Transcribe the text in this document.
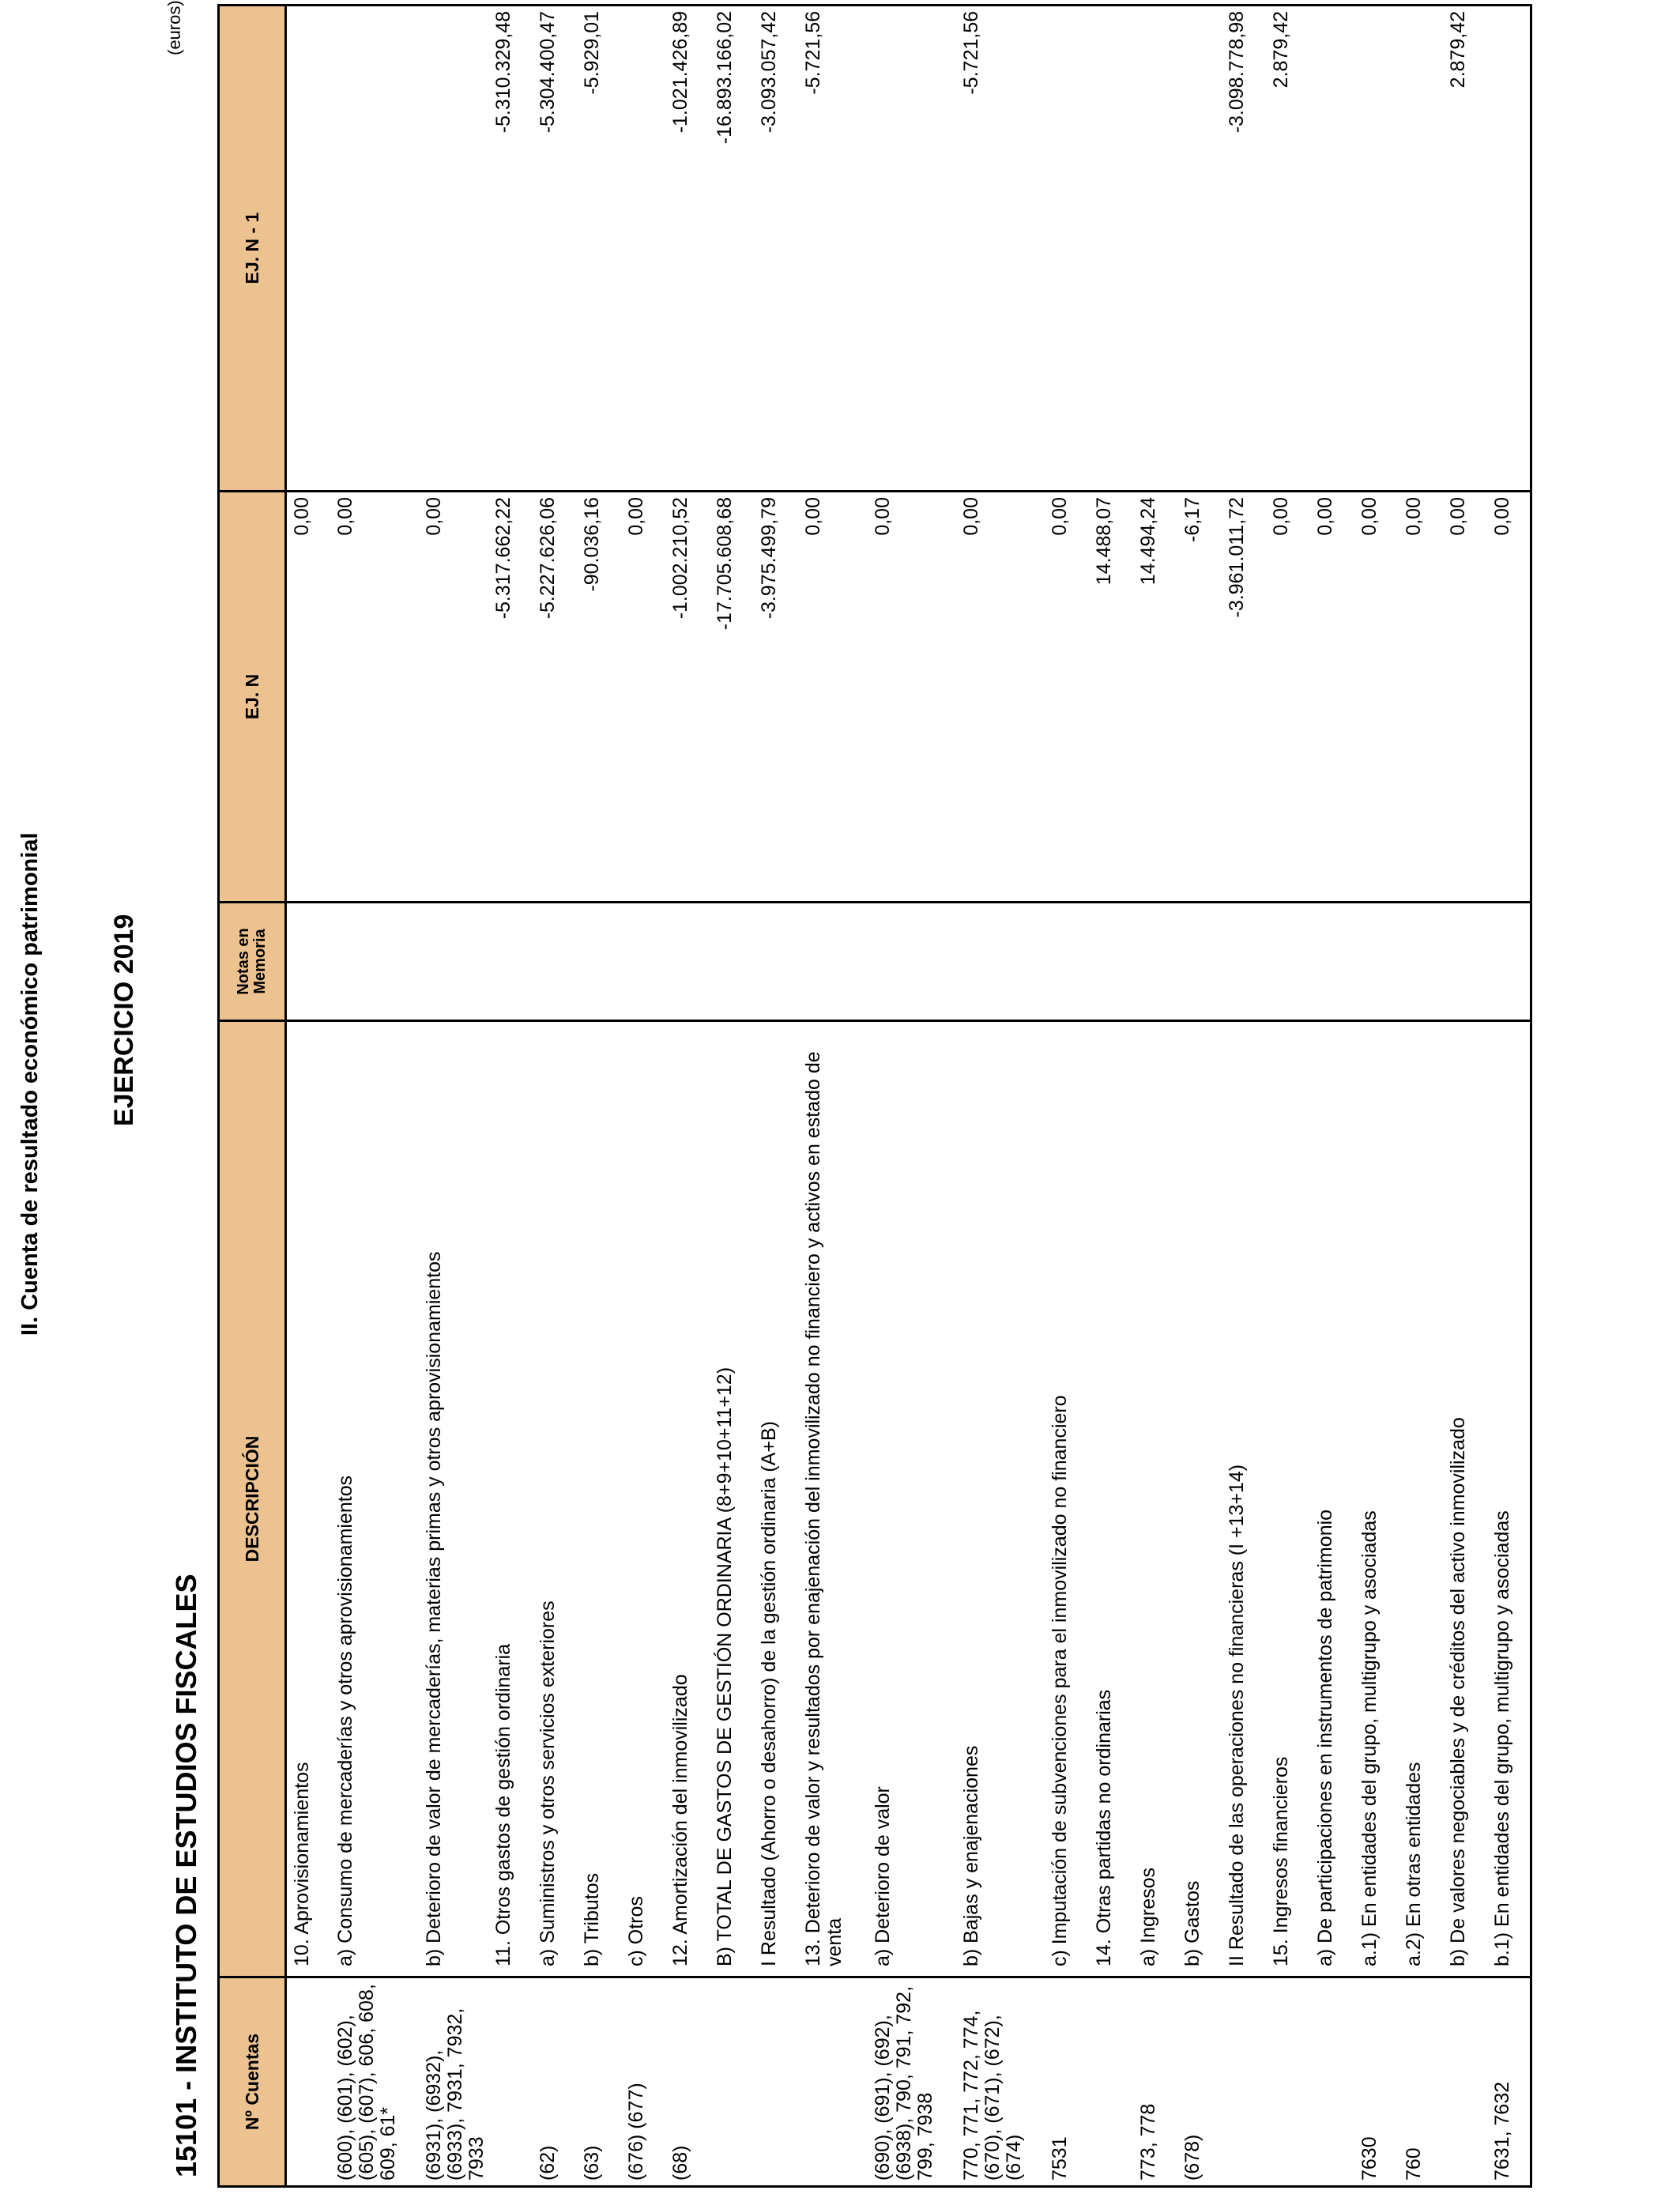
II. Cuenta de resultado económico patrimonial EJERCICIO 2019
15101 - INSTITUTO DE ESTUDIOS FISCALES
(euros)
Nº Cuentas	DESCRIPCIÓN	Notas en Memoria	EJ. N	EJ. N - 1
	10. Aprovisionamientos		0,00	
(600), (601), (602), (605), (607), 606, 608, 609, 61*	a) Consumo de mercaderías y otros aprovisionamientos		0,00	
(6931), (6932), (6933), 7931, 7932, 7933	b) Deterioro de valor de mercaderías, materias primas y otros aprovisionamientos		0,00	
	11. Otros gastos de gestión ordinaria		-5.317.662,22	-5.310.329,48
(62)	a) Suministros y otros servicios exteriores		-5.227.626,06	-5.304.400,47
(63)	b) Tributos		-90.036,16	-5.929,01
(676) (677)	c) Otros		0,00	
(68)	12. Amortización del inmovilizado		-1.002.210,52	-1.021.426,89
	B) TOTAL DE GASTOS DE GESTIÓN ORDINARIA (8+9+10+11+12)		-17.705.608,68	-16.893.166,02
	I Resultado (Ahorro o desahorro) de la gestión ordinaria (A+B)		-3.975.499,79	-3.093.057,42
	13. Deterioro de valor y resultados por enajenación del inmovilizado no financiero y activos en estado de venta		0,00	-5.721,56
(690), (691), (692), (6938), 790, 791, 792, 799, 7938	a) Deterioro de valor		0,00	
770, 771, 772, 774, (670), (671), (672), (674)	b) Bajas y enajenaciones		0,00	-5.721,56
7531	c) Imputación de subvenciones para el inmovilizado no financiero		0,00	
	14. Otras partidas no ordinarias		14.488,07	
773, 778	a) Ingresos		14.494,24	
(678)	b) Gastos		-6,17	
	II Resultado de las operaciones no financieras (I +13+14)		-3.961.011,72	-3.098.778,98
	15. Ingresos financieros		0,00	2.879,42
	a) De participaciones en instrumentos de patrimonio		0,00	
7630	a.1) En entidades del grupo, multigrupo y asociadas		0,00	
760	a.2) En otras entidades		0,00	
	b) De valores negociables y de créditos del activo inmovilizado		0,00	2.879,42
7631, 7632	b.1) En entidades del grupo, multigrupo y asociadas		0,00	
